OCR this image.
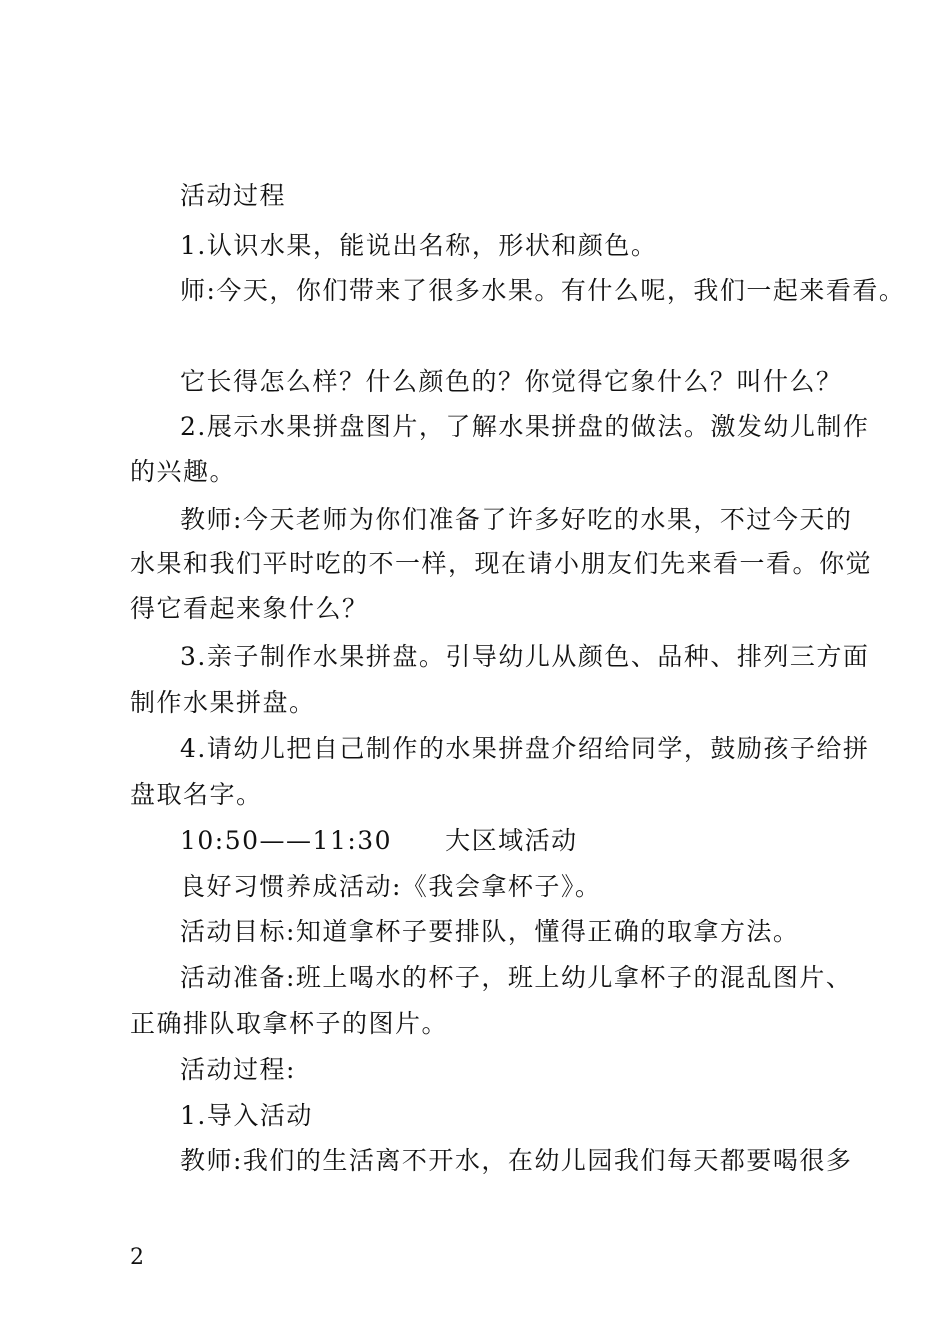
活动过程
1.认识水果，能说出名称，形状和颜色。
师:今天，你们带来了很多水果。有什么呢，我们一起来看看。
它长得怎么样？什么颜色的？你觉得它象什么？叫什么？
2.展示水果拼盘图片，了解水果拼盘的做法。激发幼儿制作
的兴趣。
教师:今天老师为你们准备了许多好吃的水果，不过今天的
水果和我们平时吃的不一样，现在请小朋友们先来看一看。你觉
得它看起来象什么？
3.亲子制作水果拼盘。引导幼儿从颜色、品种、排列三方面
制作水果拼盘。
4.请幼儿把自己制作的水果拼盘介绍给同学，鼓励孩子给拼
盘取名字。
10:50——11:30　　大区域活动
良好习惯养成活动:《我会拿杯子》。
活动目标:知道拿杯子要排队，懂得正确的取拿方法。
活动准备:班上喝水的杯子，班上幼儿拿杯子的混乱图片、
正确排队取拿杯子的图片。
活动过程:
1.导入活动
教师:我们的生活离不开水，在幼儿园我们每天都要喝很多
2
